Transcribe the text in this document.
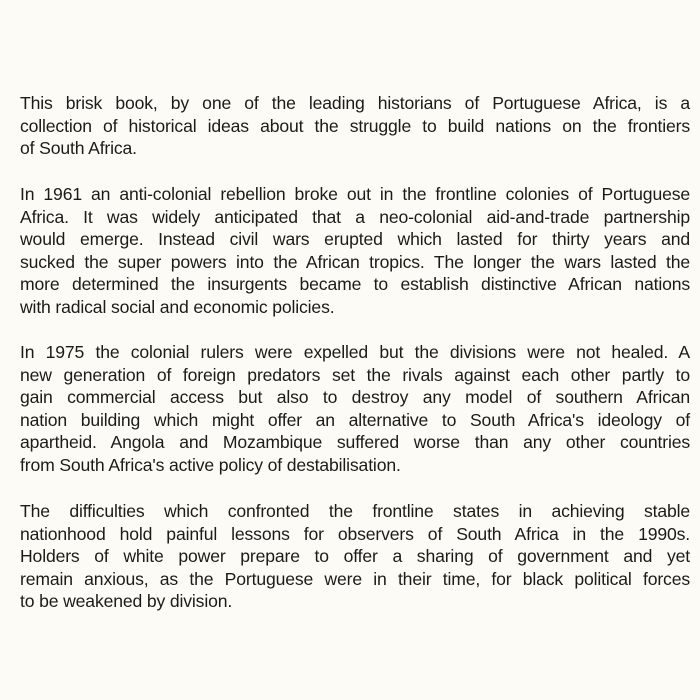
This brisk book, by one of the leading historians of Portuguese Africa, is a
collection of historical ideas about the struggle to build nations on the frontiers
of South Africa.
In 1961 an anti-colonial rebellion broke out in the frontline colonies of Portuguese
Africa. It was widely anticipated that a neo-colonial aid-and-trade partnership
would emerge. Instead civil wars erupted which lasted for thirty years and
sucked the super powers into the African tropics. The longer the wars lasted the
more determined the insurgents became to establish distinctive African nations
with radical social and economic policies.
In 1975 the colonial rulers were expelled but the divisions were not healed. A
new generation of foreign predators set the rivals against each other partly to
gain commercial access but also to destroy any model of southern African
nation building which might offer an alternative to South Africa's ideology of
apartheid. Angola and Mozambique suffered worse than any other countries
from South Africa's active policy of destabilisation.
The difficulties which confronted the frontline states in achieving stable
nationhood hold painful lessons for observers of South Africa in the 1990s.
Holders of white power prepare to offer a sharing of government and yet
remain anxious, as the Portuguese were in their time, for black political forces
to be weakened by division.
